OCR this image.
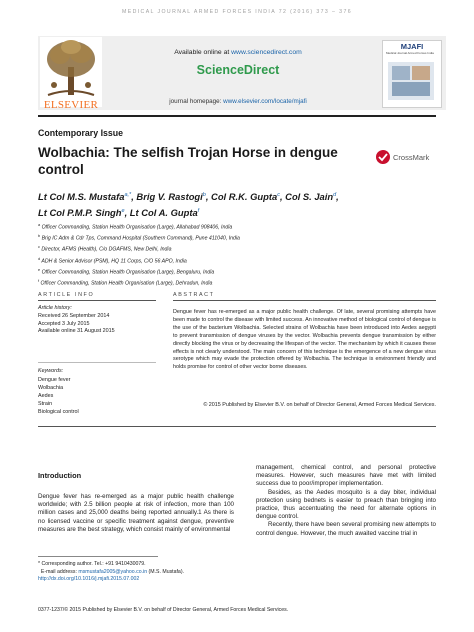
MEDICAL JOURNAL ARMED FORCES INDIA 72 (2016) 373 – 376
ELSEVIER
Available online at www.sciencedirect.com
ScienceDirect
journal homepage: www.elsevier.com/locate/mjafi
MJAFI
Medical Journal Armed Forces India
Contemporary Issue
Wolbachia: The selfish Trojan Horse in dengue control
CrossMark
Lt Col M.S. Mustafa$^{a,*}$, Brig V. Rastogi$^b$, Col R.K. Gupta$^c$, Col S. Jain$^d$,
Lt Col P.M.P. Singh$^e$, Lt Col A. Gupta$^f$
$^a$ Officer Commanding, Station Health Organisation (Large), Allahabad 908406, India
$^b$ Brig IC Adm & Cdr Tps, Command Hospital (Southern Command), Pune 411040, India
$^c$ Director, AFMS (Health), C/o DGAFMS, New Delhi, India
$^d$ ADH & Senior Advisor (PSM), HQ 11 Corps, C/O 56 APO, India
$^e$ Officer Commanding, Station Health Organisation (Large), Bengaluru, India
$^f$ Officer Commanding, Station Health Organisation (Large), Dehradun, India
ARTICLE INFO	ABSTRACT
Article history:
Received 26 September 2014
Accepted 3 July 2015
Available online 31 August 2015
Keywords:
Dengue fever
Wolbachia
Aedes
Strain
Biological control
Dengue fever has re-emerged as a major public health challenge. Of late, several promising attempts have been made to control the disease with limited success. An innovative method of biological control of dengue is the use of the bacterium Wolbachia. Selected strains of Wolbachia have been introduced into Aedes aegypti to prevent transmission of dengue viruses by the vector. Wolbachia prevents dengue transmission by either directly blocking the virus or by decreasing the lifespan of the vector. The mechanism by which it causes these effects is not clearly understood. The main concern of this technique is the emergence of a new dengue virus serotype which may evade the protection offered by Wolbachia. The technique is environment friendly and holds promise for control of other vector borne diseases.
© 2015 Published by Elsevier B.V. on behalf of Director General, Armed Forces Medical Services.
Introduction

Dengue fever has re-emerged as a major public health challenge worldwide; with 2.5 billion people at risk of infection, more than 100 million cases and 25,000 deaths being reported annually.1 As there is no licensed vaccine or specific treatment against dengue, preventive measures are the best strategy, which consist mainly of environmental

management, chemical control, and personal protective measures. However, such measures have met with limited success due to poor/improper implementation.

Besides, as the Aedes mosquito is a day biter, individual protection using bednets is easier to preach than bringing into practice, thus accentuating the need for alternate options in dengue control.

Recently, there have been several promising new attempts to control dengue. However, the much awaited vaccine trial in

* Corresponding author. Tel.: +91 9410430079.
E-mail address: msmustafa2005@yahoo.co.in (M.S. Mustafa).
http://dx.doi.org/10.1016/j.mjafi.2015.07.002
0377-1237/© 2015 Published by Elsevier B.V. on behalf of Director General, Armed Forces Medical Services.
